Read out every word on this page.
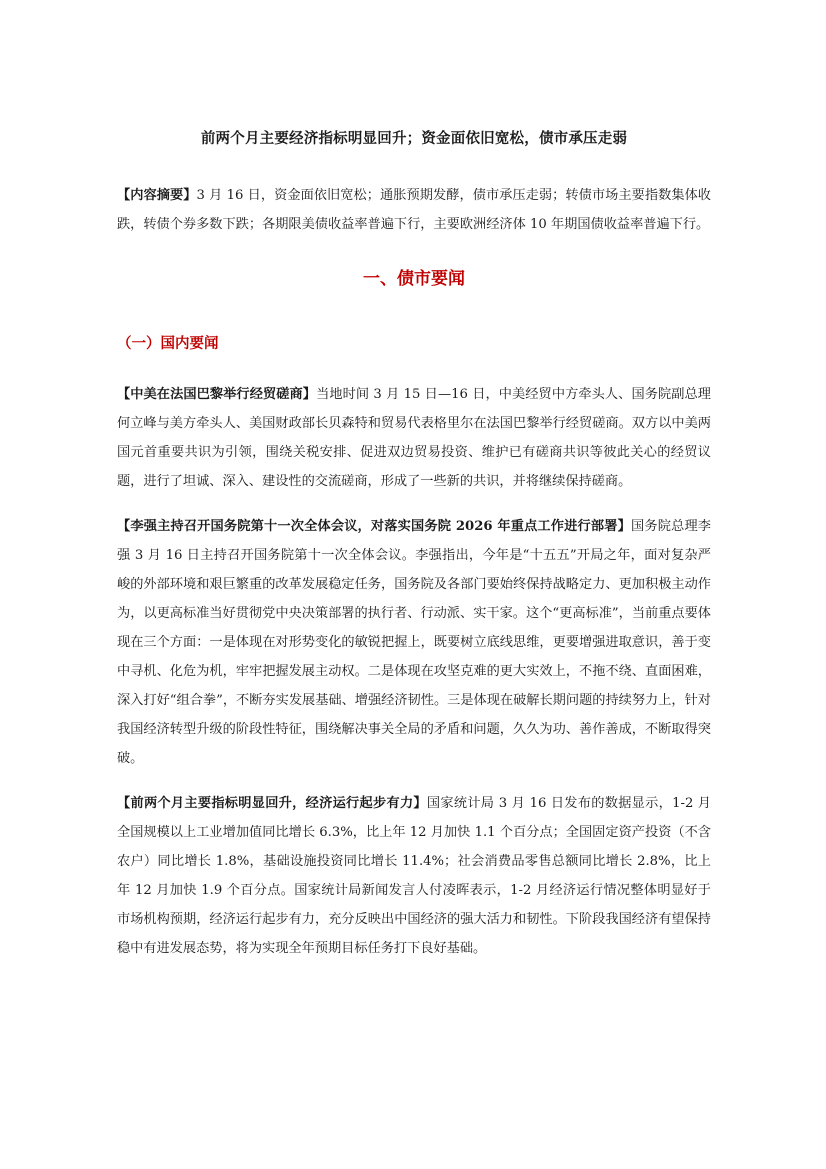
前两个月主要经济指标明显回升；资金面依旧宽松，债市承压走弱
【内容摘要】3 月 16 日，资金面依旧宽松；通胀预期发酵，债市承压走弱；转债市场主要指数集体收跌，转债个券多数下跌；各期限美债收益率普遍下行，主要欧洲经济体 10 年期国债收益率普遍下行。
一、债市要闻
（一）国内要闻
【中美在法国巴黎举行经贸磋商】当地时间 3 月 15 日—16 日，中美经贸中方牵头人、国务院副总理何立峰与美方牵头人、美国财政部长贝森特和贸易代表格里尔在法国巴黎举行经贸磋商。双方以中美两国元首重要共识为引领，围绕关税安排、促进双边贸易投资、维护已有磋商共识等彼此关心的经贸议题，进行了坦诚、深入、建设性的交流磋商，形成了一些新的共识，并将继续保持磋商。
【李强主持召开国务院第十一次全体会议，对落实国务院 2026 年重点工作进行部署】国务院总理李强 3 月 16 日主持召开国务院第十一次全体会议。李强指出，今年是“十五五”开局之年，面对复杂严峻的外部环境和艰巨繁重的改革发展稳定任务，国务院及各部门要始终保持战略定力、更加积极主动作为，以更高标准当好贯彻党中央决策部署的执行者、行动派、实干家。这个“更高标准”，当前重点要体现在三个方面：一是体现在对形势变化的敏锐把握上，既要树立底线思维，更要增强进取意识，善于变中寻机、化危为机，牢牢把握发展主动权。二是体现在攻坚克难的更大实效上，不拖不绕、直面困难，深入打好“组合拳”，不断夯实发展基础、增强经济韧性。三是体现在破解长期问题的持续努力上，针对我国经济转型升级的阶段性特征，围绕解决事关全局的矛盾和问题，久久为功、善作善成，不断取得突破。
【前两个月主要指标明显回升，经济运行起步有力】国家统计局 3 月 16 日发布的数据显示，1-2 月全国规模以上工业增加值同比增长 6.3%，比上年 12 月加快 1.1 个百分点；全国固定资产投资（不含农户）同比增长 1.8%，基础设施投资同比增长 11.4%；社会消费品零售总额同比增长 2.8%，比上年 12 月加快 1.9 个百分点。国家统计局新闻发言人付凌晖表示，1-2 月经济运行情况整体明显好于市场机构预期，经济运行起步有力，充分反映出中国经济的强大活力和韧性。下阶段我国经济有望保持稳中有进发展态势，将为实现全年预期目标任务打下良好基础。
